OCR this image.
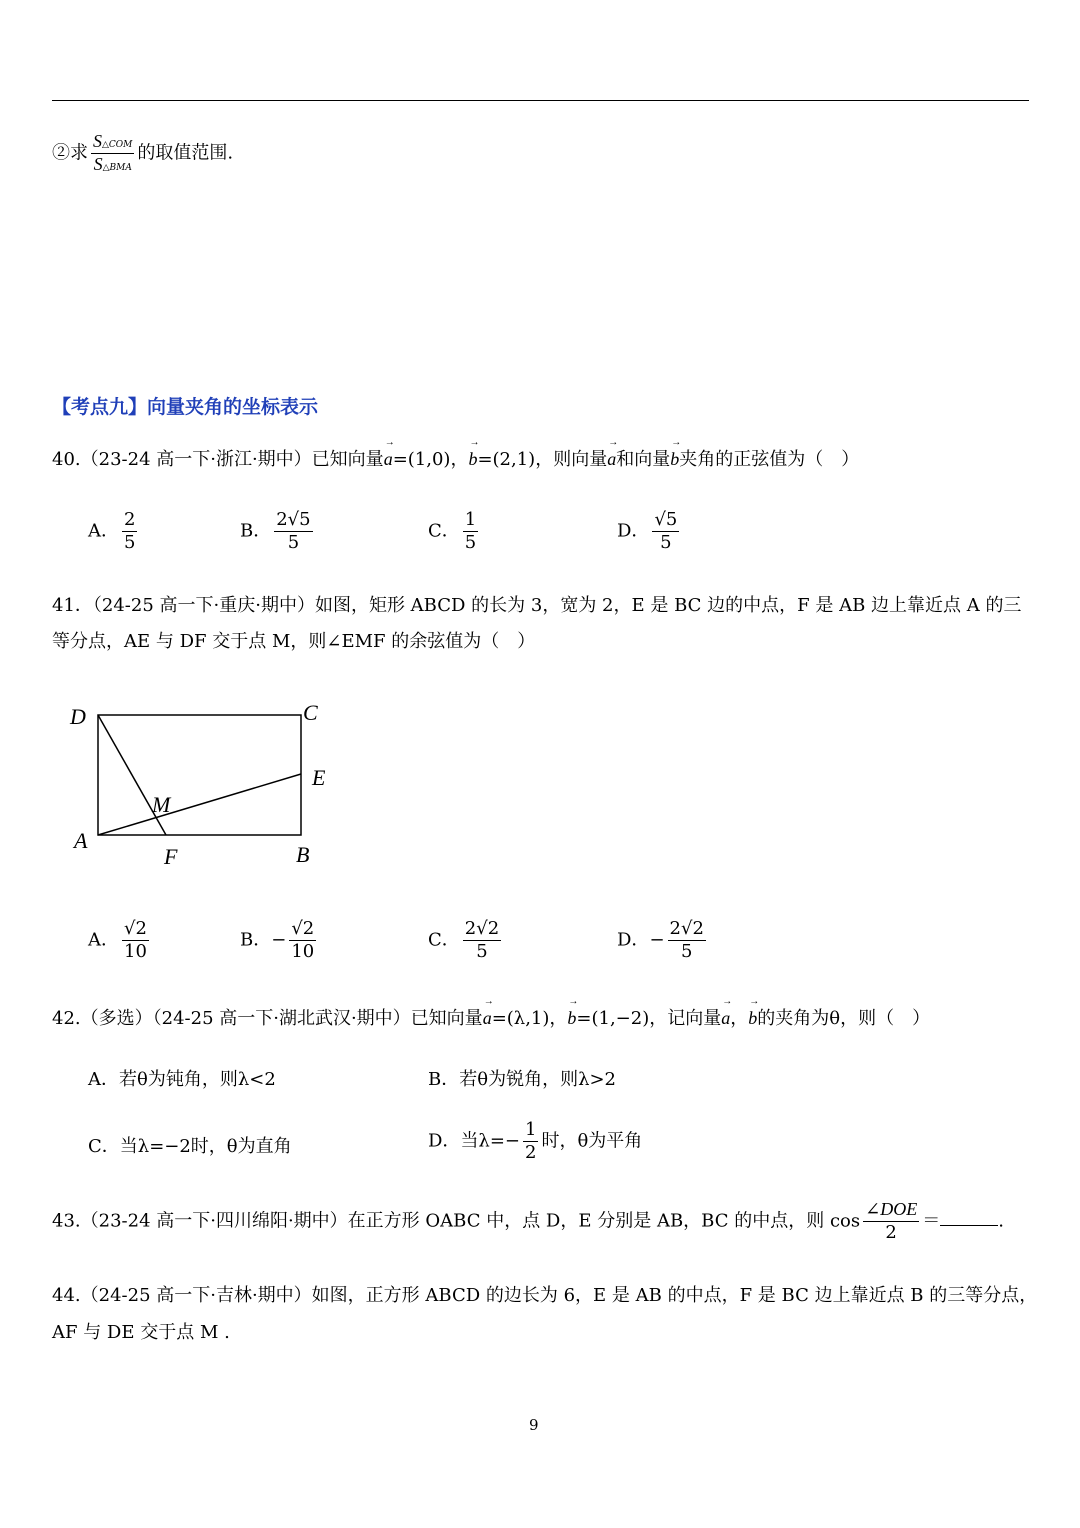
②求 $\frac{\text{S△COM}}{\text{S△BMA}}$ 的取值范围.
【考点九】向量夹角的坐标表示
40.（23-24 高一下·浙江·期中）已知向量→ a=(1,0)，→ b=(2,1)，则向量→ a和向量→ b夹角的正弦值为（　）
A． $\frac{2}{5}$	B． $\frac{2√5}{5}$	C． $\frac{1}{5}$	D． $\frac{√5}{5}$
41．（24-25 高一下·重庆·期中）如图，矩形 ABCD 的长为 3，宽为 2，E 是 BC 边的中点，F 是 AB 边上靠近点 A 的三
等分点，AE 与 DF 交于点 M，则∠EMF 的余弦值为（　）
D	C
E
M
A
F	B
A． $\frac{√2}{10}$	B．− $\frac{√2}{10}$	C． $\frac{2√2}{5}$	D．− $\frac{2√2}{5}$
42.（多选）（24-25 高一下·湖北武汉·期中）已知向量→ a=(λ,1)，→ b=(1,−2)，记向量→ a，→ b的夹角为θ，则（　）
A．若θ为钝角，则λ<2	B．若θ为锐角，则λ>2
C．当λ=−2时，θ为直角	D．当$\lambda=- \frac{1}{2}$ 时，θ为平角
43.（23-24 高一下·四川绵阳·期中）在正方形 OABC 中，点 D，E 分别是 AB，BC 的中点，则 $\cos \frac{\text{∠DOE}}{2}$ ＝	.
44.（24-25 高一下·吉林·期中）如图，正方形 ABCD 的边长为 6，E 是 AB 的中点，F 是 BC 边上靠近点 B 的三等分点，
AF 与 DE 交于点 M .
9
